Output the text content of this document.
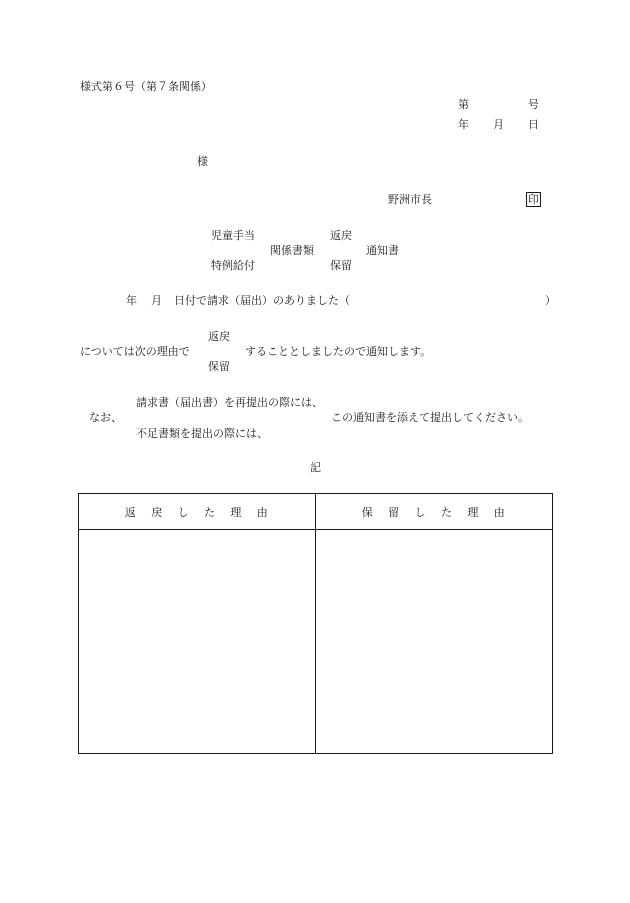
様式第６号（第７条関係）
第	号
年 月 日
様
野洲市長	印
児童手当	返戻
関係書類	通知書
特例給付	保留
年 月 日付で請求（届出）のありました（	）
返戻
については次の理由で	することとしましたので通知します。
保留
請求書（届出書）を再提出の際には、
なお、	この通知書を添えて提出してください。
不足書類を提出の際には、
記
返戻した理由	保留した理由
